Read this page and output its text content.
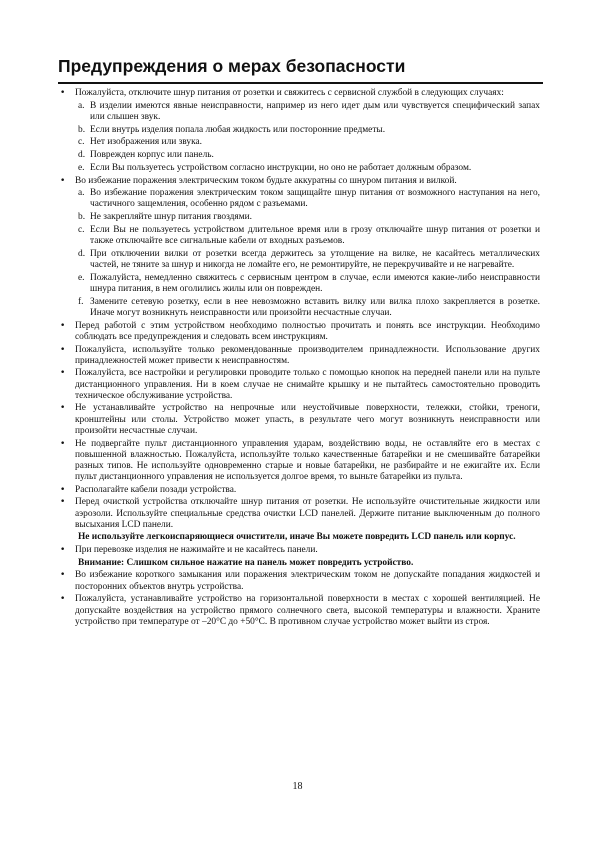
Предупреждения о мерах безопасности
• Пожалуйста, отключите шнур питания от розетки и свяжитесь с сервисной службой в следующих случаях:
a. В изделии имеются явные неисправности, например из него идет дым или чувствуется специфический запах или слышен звук.
b. Если внутрь изделия попала любая жидкость или посторонние предметы.
c. Нет изображения или звука.
d. Поврежден корпус или панель.
e. Если Вы пользуетесь устройством согласно инструкции, но оно не работает должным образом.
• Во избежание поражения электрическим током будьте аккуратны со шнуром питания и вилкой.
a. Во избежание поражения электрическим током защищайте шнур питания от возможного наступания на него, частичного защемления, особенно рядом с разъемами.
b. Не закрепляйте шнур питания гвоздями.
c. Если Вы не пользуетесь устройством длительное время или в грозу отключайте шнур питания от розетки и также отключайте все сигнальные кабели от входных разъемов.
d. При отключении вилки от розетки всегда держитесь за утолщение на вилке, не касайтесь металлических частей, не тяните за шнур и никогда не ломайте его, не ремонтируйте, не перекручивайте и не нагревайте.
e. Пожалуйста, немедленно свяжитесь с сервисным центром в случае, если имеются какие-либо неисправности шнура питания, в нем оголились жилы или он поврежден.
f. Замените сетевую розетку, если в нее невозможно вставить вилку или вилка плохо закрепляется в розетке. Иначе могут возникнуть неисправности или произойти несчастные случаи.
• Перед работой с этим устройством необходимо полностью прочитать и понять все инструкции. Необходимо соблюдать все предупреждения и следовать всем инструкциям.
• Пожалуйста, используйте только рекомендованные производителем принадлежности. Использование других принадлежностей может привести к неисправностям.
• Пожалуйста, все настройки и регулировки проводите только с помощью кнопок на передней панели или на пульте дистанционного управления. Ни в коем случае не снимайте крышку и не пытайтесь самостоятельно проводить техническое обслуживание устройства.
• Не устанавливайте устройство на непрочные или неустойчивые поверхности, тележки, стойки, треноги, кронштейны или столы. Устройство может упасть, в результате чего могут возникнуть неисправности или произойти несчастные случаи.
• Не подвергайте пульт дистанционного управления ударам, воздействию воды, не оставляйте его в местах с повышенной влажностью. Пожалуйста, используйте только качественные батарейки и не смешивайте батарейки разных типов. Не используйте одновременно старые и новые батарейки, не разбирайте и не ежигайте их. Если пульт дистанционного управления не используется долгое время, то выньте батарейки из пульта.
• Располагайте кабели позади устройства.
• Перед очисткой устройства отключайте шнур питания от розетки. Не используйте очистительные жидкости или аэрозоли. Используйте специальные средства очистки LCD панелей. Держите питание выключенным до полного высыхания LCD панели.
Не используйте легкоиспаряющиеся очистители, иначе Вы можете повредить LCD панель или корпус.
• При перевозке изделия не нажимайте и не касайтесь панели.
Внимание: Слишком сильное нажатие на панель может повредить устройство.
• Во избежание короткого замыкания или поражения электрическим током не допускайте попадания жидкостей и посторонних объектов внутрь устройства.
• Пожалуйста, устанавливайте устройство на горизонтальной поверхности в местах с хорошей вентиляцией. Не допускайте воздействия на устройство прямого солнечного света, высокой температуры и влажности. Храните устройство при температуре от –20°C до +50°C. В противном случае устройство может выйти из строя.
18
